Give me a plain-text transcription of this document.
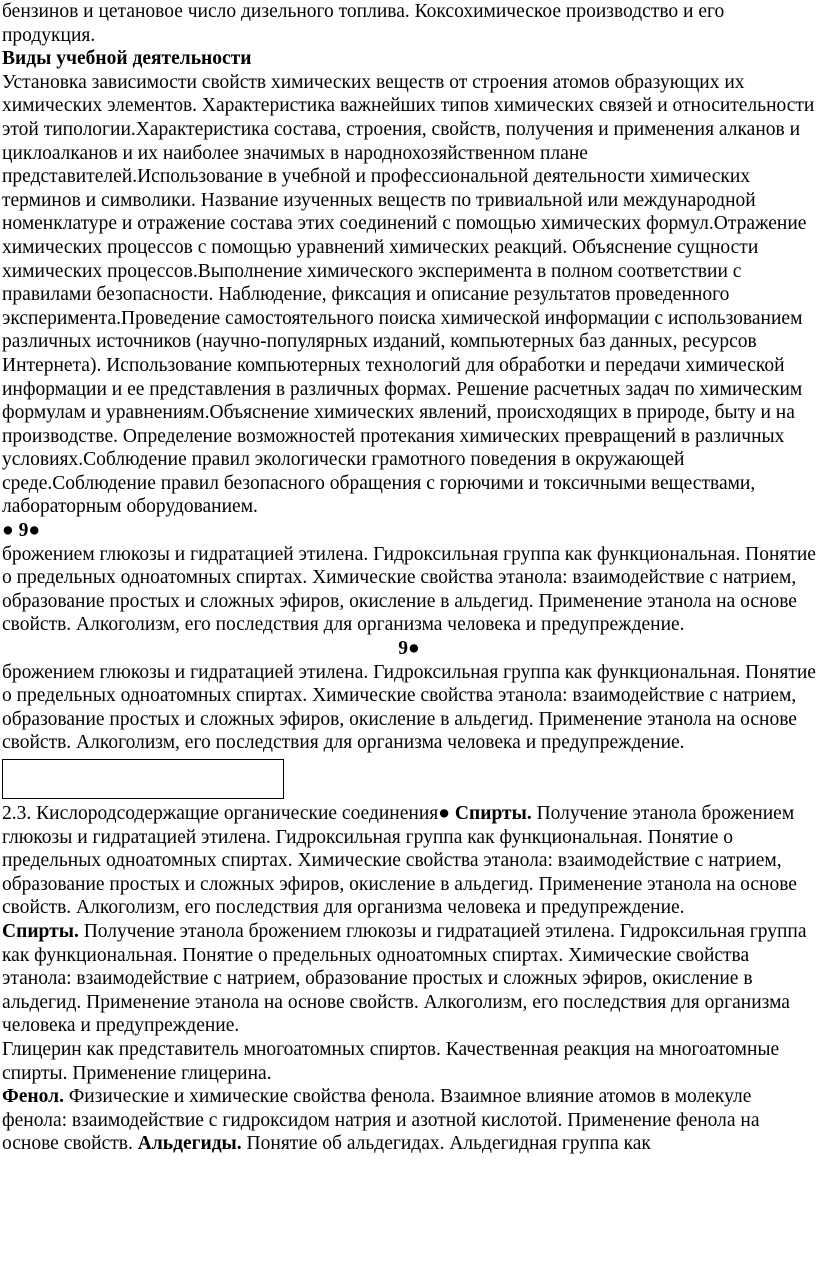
бензинов и цетановое число дизельного топлива. Коксохимическое производство и его продукция.

Виды учебной деятельности

Установка зависимости свойств химических веществ от строения атомов образующих их химических элементов. Характеристика важнейших типов химических связей и относительности этой типологии.Характеристика состава, строения, свойств, получения и применения алканов и циклоалканов и их наиболее значимых в народнохозяйственном плане представителей.Использование в учебной и профессиональной деятельности химических терминов и символики. Название изученных веществ по тривиальной или международной номенклатуре и отражение состава этих соединений с помощью химических формул.Отражение химических процессов с помощью уравнений химических реакций. Объяснение сущности химических процессов.Выполнение химического эксперимента в полном соответствии с правилами безопасности. Наблюдение, фиксация и описание результатов проведенного эксперимента.Проведение самостоятельного поиска химической информации с использованием различных источников (научно-популярных изданий, компьютерных баз данных, ресурсов Интернета). Использование компьютерных технологий для обработки и передачи химической информации и ее представления в различных формах. Решение расчетных задач по химическим формулам и уравнениям.Объяснение химических явлений, происходящих в природе, быту и на производстве. Определение возможностей протекания химических превращений в различных условиях.Соблюдение правил экологически грамотного поведения в окружающей среде.Соблюдение правил безопасного обращения с горючими и токсичными веществами, лабораторным оборудованием.

● 9●

брожением глюкозы и гидратацией этилена. Гидроксильная группа как функциональная. Понятие о предельных одноатомных спиртах. Химические свойства этанола: взаимодействие с натрием, образование простых и сложных эфиров, окисление в альдегид. Применение этанола на основе свойств. Алкоголизм, его последствия для организма человека и предупреждение.

9●

брожением глюкозы и гидратацией этилена. Гидроксильная группа как функциональная. Понятие о предельных одноатомных спиртах. Химические свойства этанола: взаимодействие с натрием, образование простых и сложных эфиров, окисление в альдегид. Применение этанола на основе свойств. Алкоголизм, его последствия для организма человека и предупреждение.

2.3. Кислородсодержащие органические соединения● Спирты. Получение этанола брожением глюкозы и гидратацией этилена. Гидроксильная группа как функциональная. Понятие о предельных одноатомных спиртах. Химические свойства этанола: взаимодействие с натрием, образование простых и сложных эфиров, окисление в альдегид. Применение этанола на основе свойств. Алкоголизм, его последствия для организма человека и предупреждение.

Спирты. Получение этанола брожением глюкозы и гидратацией этилена. Гидроксильная группа как функциональная. Понятие о предельных одноатомных спиртах. Химические свойства этанола: взаимодействие с натрием, образование простых и сложных эфиров, окисление в альдегид. Применение этанола на основе свойств. Алкоголизм, его последствия для организма человека и предупреждение.

Глицерин как представитель многоатомных спиртов. Качественная реакция на многоатомные спирты. Применение глицерина.

Фенол. Физические и химические свойства фенола. Взаимное влияние атомов в молекуле фенола: взаимодействие с гидроксидом натрия и азотной кислотой. Применение фенола на основе свойств. Альдегиды. Понятие об альдегидах. Альдегидная группа как
